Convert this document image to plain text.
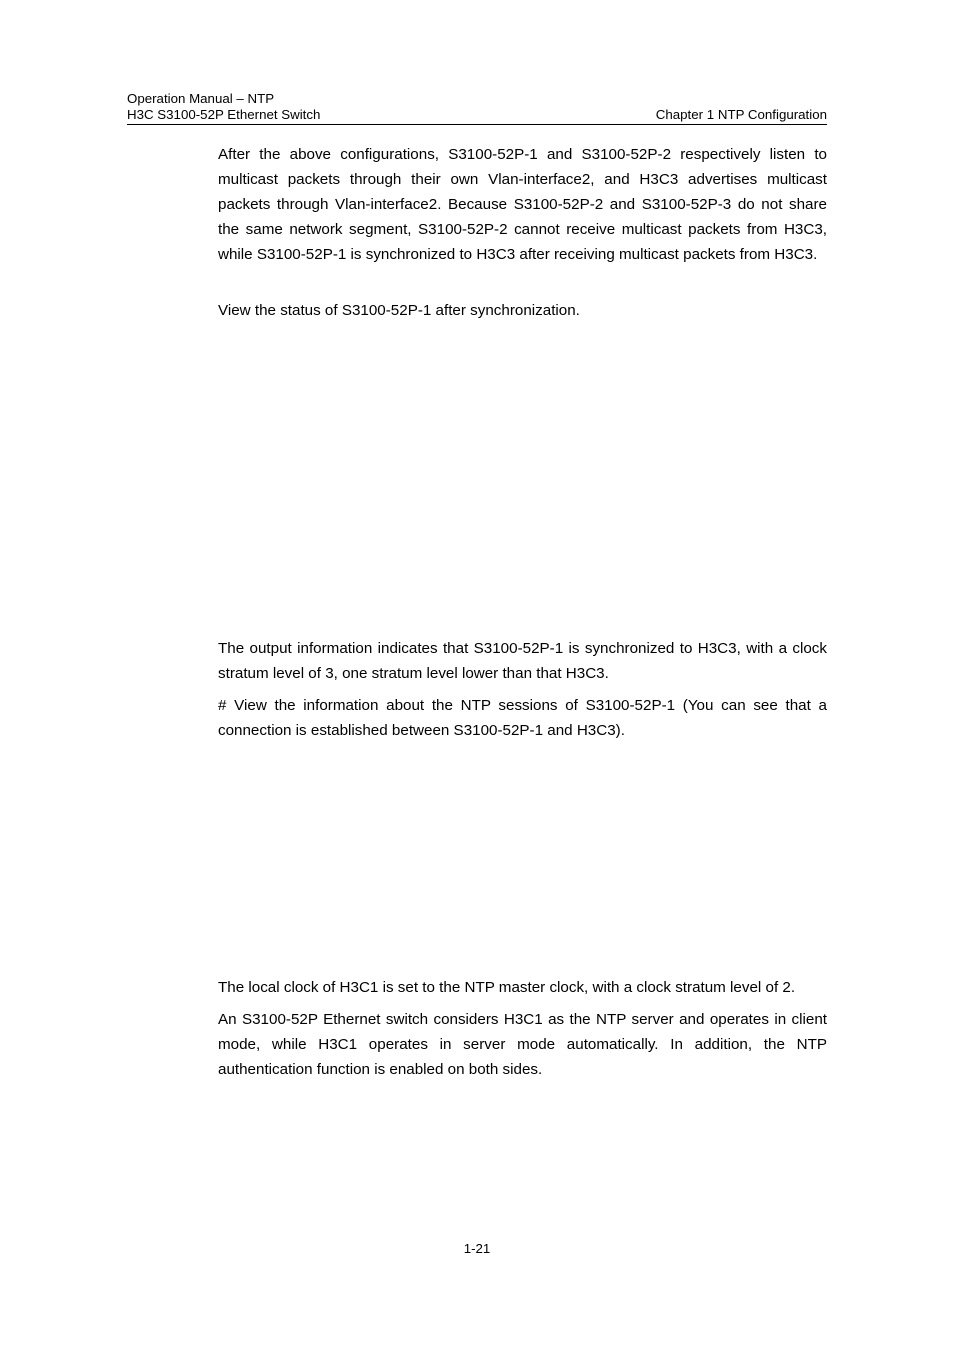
Operation Manual – NTP
H3C S3100-52P Ethernet Switch	Chapter 1 NTP Configuration

After the above configurations, S3100-52P-1 and S3100-52P-2 respectively listen to multicast packets through their own Vlan-interface2, and H3C3 advertises multicast packets through Vlan-interface2. Because S3100-52P-2 and S3100-52P-3 do not share the same network segment, S3100-52P-2 cannot receive multicast packets from H3C3, while S3100-52P-1 is synchronized to H3C3 after receiving multicast packets from H3C3.

View the status of S3100-52P-1 after synchronization.

The output information indicates that S3100-52P-1 is synchronized to H3C3, with a clock stratum level of 3, one stratum level lower than that H3C3.

# View the information about the NTP sessions of S3100-52P-1 (You can see that a connection is established between S3100-52P-1 and H3C3).

The local clock of H3C1 is set to the NTP master clock, with a clock stratum level of 2.

An S3100-52P Ethernet switch considers H3C1 as the NTP server and operates in client mode, while H3C1 operates in server mode automatically. In addition, the NTP authentication function is enabled on both sides.

1-21
